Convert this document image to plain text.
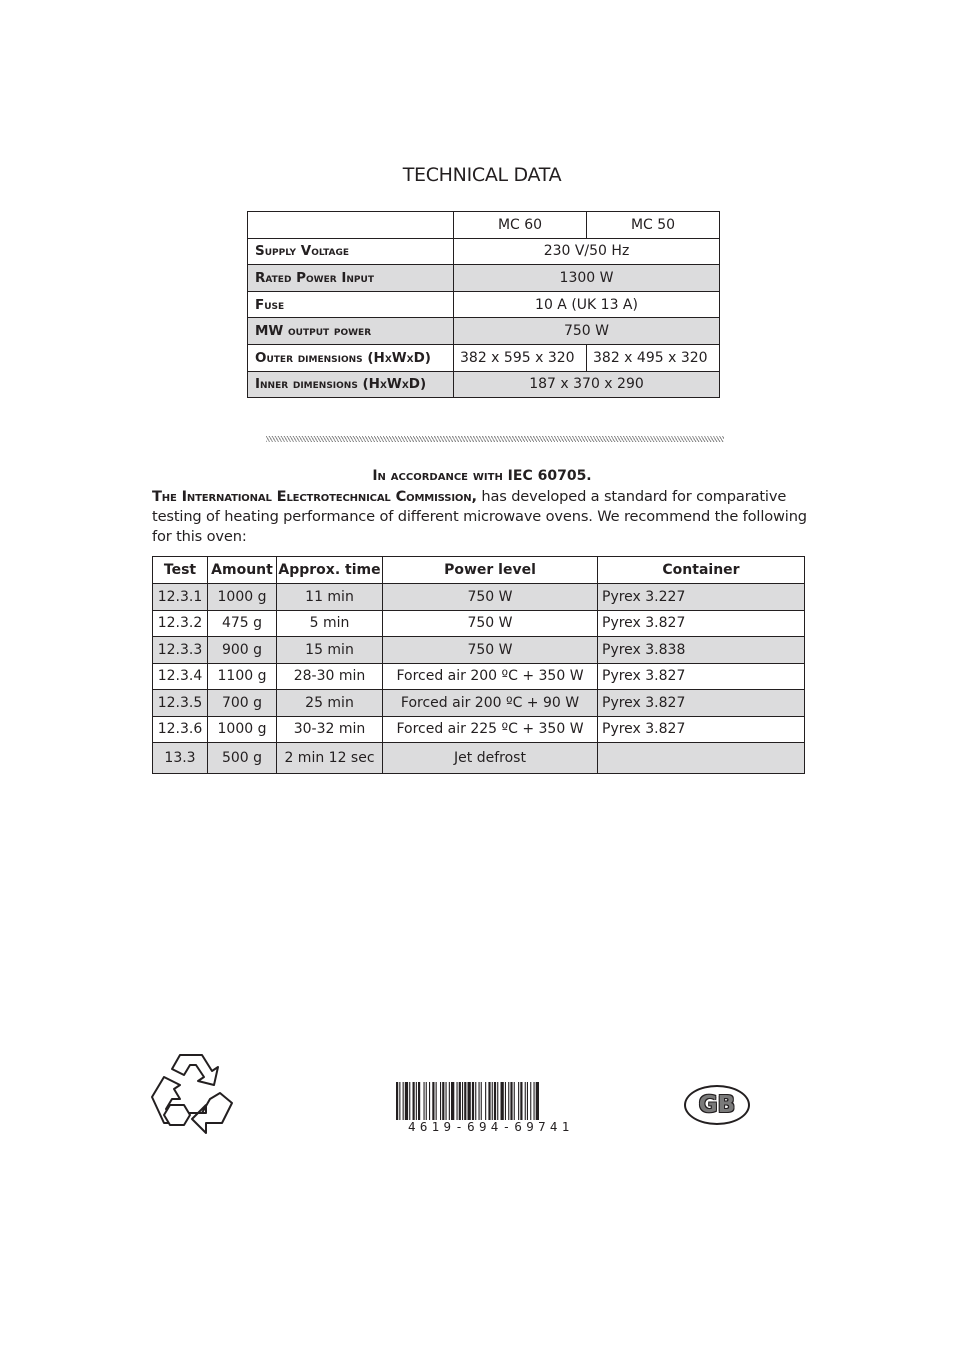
TECHNICAL DATA
	MC 60	MC 50
Supply Voltage	230 V/50 Hz	
Rated Power Input	1300 W	
Fuse	10 A (UK 13 A)	
MW output power	750 W	
Outer dimensions (HxWxD)	382 x 595 x 320	382 x 495 x 320
Inner dimensions (HxWxD)	187 x 370 x 290	
In accordance with IEC 60705.
The International Electrotechnical Commission, has developed a standard for comparative testing of heating performance of different microwave ovens. We recommend the following for this oven:
Test	Amount	Approx. time	Power level	Container
12.3.1	1000 g	11 min	750 W	Pyrex 3.227
12.3.2	475 g	5 min	750 W	Pyrex 3.827
12.3.3	900 g	15 min	750 W	Pyrex 3.838
12.3.4	1100 g	28-30 min	Forced air 200 ºC + 350 W	Pyrex 3.827
12.3.5	700 g	25 min	Forced air 200 ºC + 90 W	Pyrex 3.827
12.3.6	1000 g	30-32 min	Forced air 225 ºC + 350 W	Pyrex 3.827
13.3	500 g	2 min 12 sec	Jet defrost	
4619-694-69741
GB
